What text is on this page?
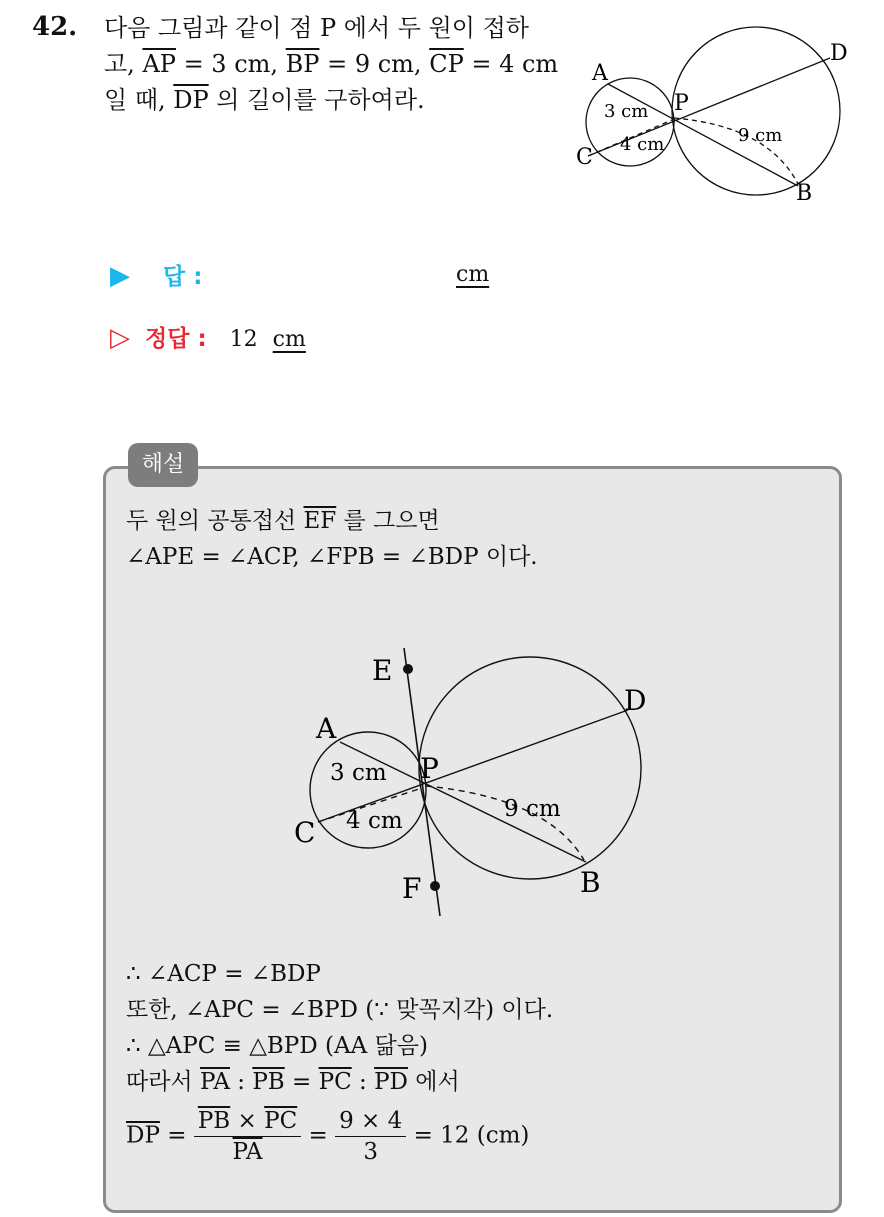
42. 다음 그림과 같이 점 P 에서 두 원이 접하
고, $\overline{AP} = 3$ cm, $\overline{BP} = 9$ cm, $\overline{CP} = 4$ cm
일 때, $\overline{DP}$ 의 길이를 구하여라.
A
P
C
D
B
3 cm
4 cm	9 cm
▶ 답 :	cm
▷ 정답 : 12 cm
해설
두 원의 공통접선 $\overline{EF}$ 를 그으면
∠APE = ∠ACP, ∠FPB = ∠BDP 이다.
E
A
P
D
C
F	B
3 cm
4 cm	9 cm
∴ ∠ACP = ∠BDP
또한, ∠APC = ∠BPD (∵ 맞꼭지각) 이다.
∴ △APC ≡ △BPD (AA 닮음)
따라서 $\overline{PA}$ : $\overline{PB} = \overline{PC}$ : $\overline{PD}$ 에서
$\overline{DP} = \frac{\overline{PB} \times \overline{PC}}{PA} = \frac{9 \times 4}{3} = 12$ (cm)
